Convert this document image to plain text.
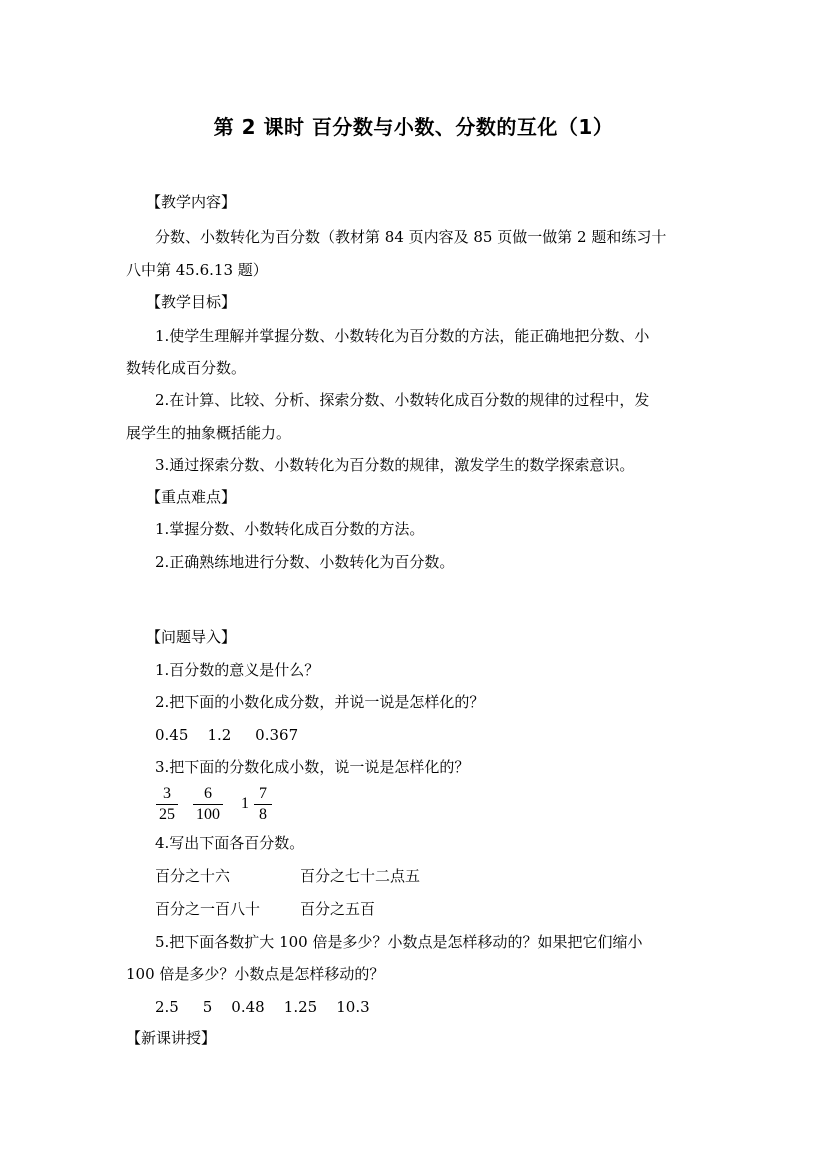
第 2 课时 百分数与小数、分数的互化（1）
【教学内容】
分数、小数转化为百分数（教材第 84 页内容及 85 页做一做第 2 题和练习十
八中第 45.6.13 题）
【教学目标】
1.使学生理解并掌握分数、小数转化为百分数的方法，能正确地把分数、小
数转化成百分数。
2.在计算、比较、分析、探索分数、小数转化成百分数的规律的过程中，发
展学生的抽象概括能力。
3.通过探索分数、小数转化为百分数的规律，激发学生的数学探索意识。
【重点难点】
1.掌握分数、小数转化成百分数的方法。
2.正确熟练地进行分数、小数转化为百分数。
【问题导入】
1.百分数的意义是什么？
2.把下面的小数化成分数，并说一说是怎样化的？
0.45    1.2     0.367
3.把下面的分数化成小数，说一说是怎样化的？
3
25
6
100
1
7
8
4.写出下面各百分数。
百分之十六	百分之七十二点五
百分之一百八十	百分之五百
5.把下面各数扩大 100 倍是多少？小数点是怎样移动的？如果把它们缩小
100 倍是多少？小数点是怎样移动的？
2.5     5    0.48    1.25    10.3
【新课讲授】
